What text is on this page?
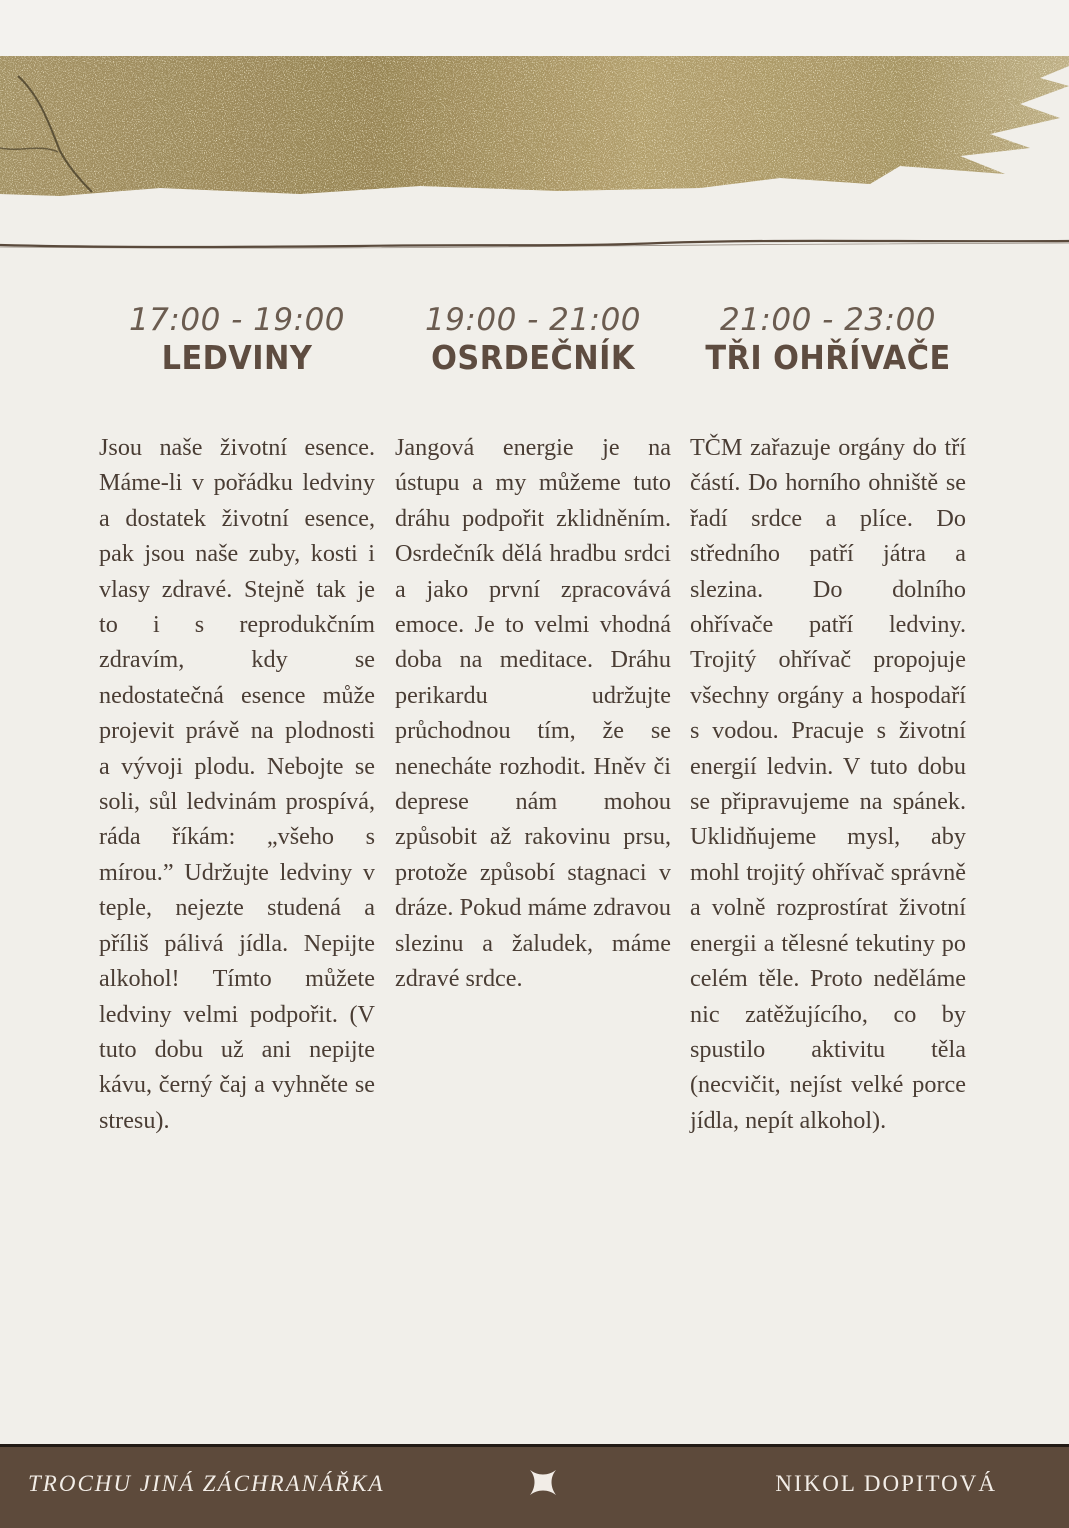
17:00 - 19:00
LEDVINY
Jsou naše životní esence. Máme-li v pořádku ledviny a dostatek životní esence, pak jsou naše zuby, kosti i vlasy zdravé. Stejně tak je to i s reprodukčním zdravím, kdy se nedostatečná esence může projevit právě na plodnosti a vývoji plodu. Nebojte se soli, sůl ledvinám prospívá, ráda říkám: „všeho s mírou.” Udržujte ledviny v teple, nejezte studená a příliš pálivá jídla. Nepijte alkohol! Tímto můžete ledviny velmi podpořit. (V tuto dobu už ani nepijte kávu, černý čaj a vyhněte se stresu).
19:00 - 21:00
OSRDEČNÍK
Jangová energie je na ústupu a my můžeme tuto dráhu podpořit zklidněním. Osrdečník dělá hradbu srdci a jako první zpracovává emoce. Je to velmi vhodná doba na meditace. Dráhu perikardu udržujte průchodnou tím, že se nenecháte rozhodit. Hněv či deprese nám mohou způsobit až rakovinu prsu, protože způsobí stagnaci v dráze. Pokud máme zdravou slezinu a žaludek, máme zdravé srdce.
21:00 - 23:00
TŘI OHŘÍVAČE
TČM zařazuje orgány do tří částí. Do horního ohniště se řadí srdce a plíce. Do středního patří játra a slezina. Do dolního ohřívače patří ledviny. Trojitý ohřívač propojuje všechny orgány a hospodaří s vodou. Pracuje s životní energií ledvin. V tuto dobu se připravujeme na spánek. Uklidňujeme mysl, aby mohl trojitý ohřívač správně a volně rozprostírat životní energii a tělesné tekutiny po celém těle. Proto neděláme nic zatěžujícího, co by spustilo aktivitu těla (necvičit, nejíst velké porce jídla, nepít alkohol).
TROCHU JINÁ ZÁCHRANÁŘKA	NIKOL DOPITOVÁ
